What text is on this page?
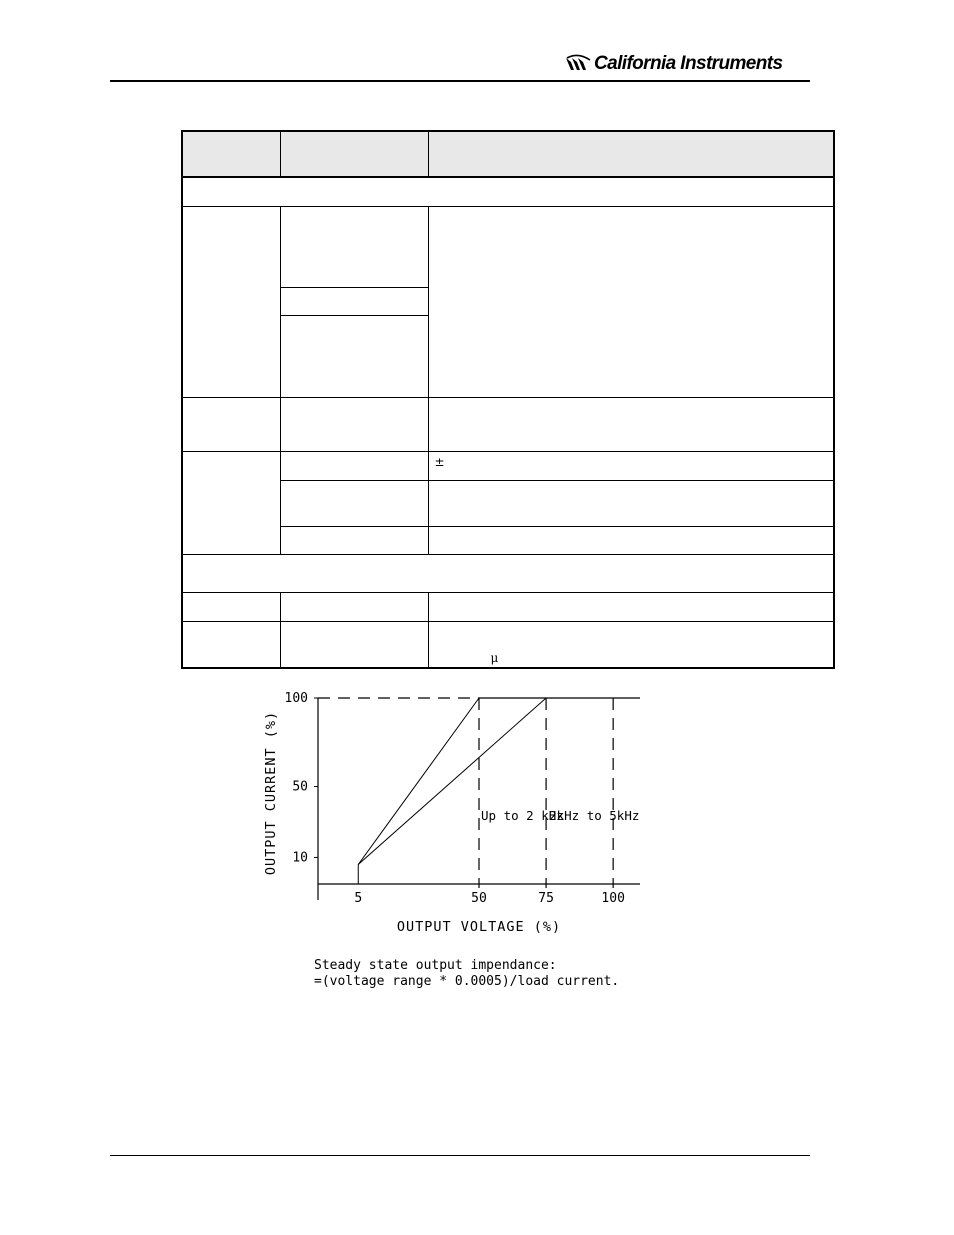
California Instruments

		±

		μ
100
50
10
5	50	75	100
Up to 2 kHz
2kHz to 5kHz
OUTPUT VOLTAGE (%)
OUTPUT CURRENT (%)
Steady state output impendance:
=(voltage range * 0.0005)/load current.
